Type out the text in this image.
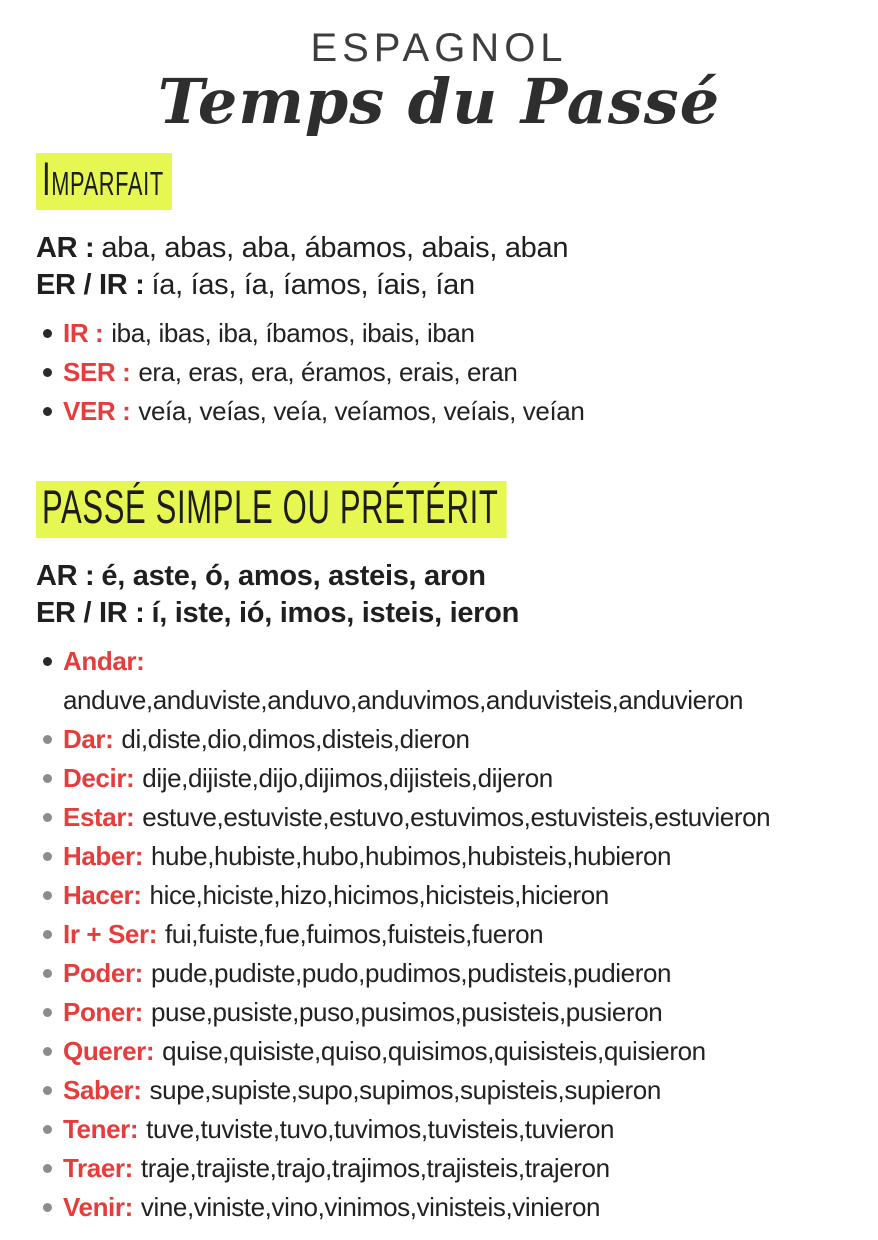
ESPAGNOL
Temps du Passé
Imparfait
AR : aba, abas, aba, ábamos, abais, aban
ER / IR : ía, ías, ía, íamos, íais, ían
IR : iba, ibas, iba, íbamos, ibais, iban
SER : era, eras, era, éramos, erais, eran
VER : veía, veías, veía, veíamos, veíais, veían
PASSÉ SIMPLE OU PRÉTÉRIT
AR : é, aste, ó, amos, asteis, aron
ER / IR : í, iste, ió, imos, isteis, ieron
Andar:
anduve,anduviste,anduvo,anduvimos,anduvisteis,anduvieron
Dar: di,diste,dio,dimos,disteis,dieron
Decir: dije,dijiste,dijo,dijimos,dijisteis,dijeron
Estar: estuve,estuviste,estuvo,estuvimos,estuvisteis,estuvieron
Haber: hube,hubiste,hubo,hubimos,hubisteis,hubieron
Hacer: hice,hiciste,hizo,hicimos,hicisteis,hicieron
Ir + Ser: fui,fuiste,fue,fuimos,fuisteis,fueron
Poder: pude,pudiste,pudo,pudimos,pudisteis,pudieron
Poner: puse,pusiste,puso,pusimos,pusisteis,pusieron
Querer: quise,quisiste,quiso,quisimos,quisisteis,quisieron
Saber: supe,supiste,supo,supimos,supisteis,supieron
Tener: tuve,tuviste,tuvo,tuvimos,tuvisteis,tuvieron
Traer: traje,trajiste,trajo,trajimos,trajisteis,trajeron
Venir: vine,viniste,vino,vinimos,vinisteis,vinieron
